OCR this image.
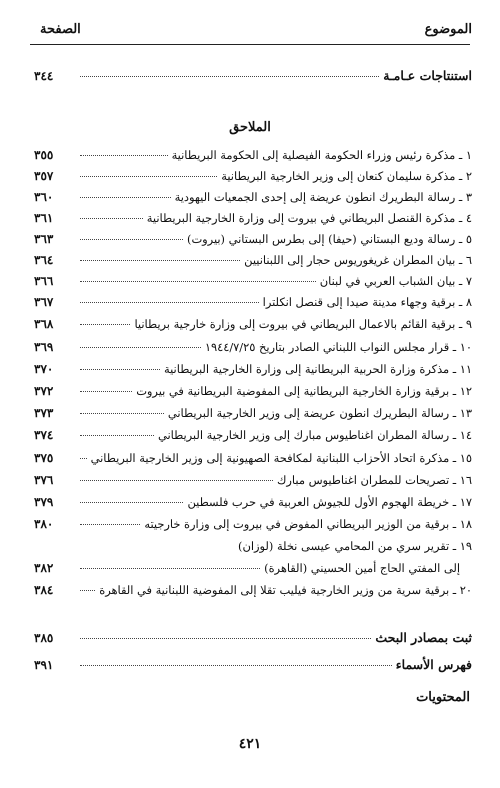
الموضوع
الصفحة
استنتاجات عـامـة
٣٤٤
الملاحق
١ ـ مذكرة رئيس وزراء الحكومة الفيصلية إلى الحكومة البريطانية
٣٥٥
٢ ـ مذكرة سليمان كنعان إلى وزير الخارجية البريطانية
٣٥٧
٣ ـ رسالة البطريرك انطون عريضة إلى إحدى الجمعيات اليهودية
٣٦٠
٤ ـ مذكرة القنصل البريطاني في بيروت إلى وزارة الخارجية البريطانية
٣٦١
٥ ـ رسالة وديع البستاني (حيفا) إلى بطرس البستاني (بيروت)
٣٦٣
٦ ـ بيان المطران غريغوريوس حجار إلى اللبنانيين
٣٦٤
٧ ـ بيان الشباب العربي في لبنان
٣٦٦
٨ ـ برقية وجهاء مدينة صيدا إلى قنصل انكلترا
٣٦٧
٩ ـ برقية القائم بالاعمال البريطاني في بيروت إلى وزارة خارجية بريطانيا
٣٦٨
١٠ ـ قرار مجلس النواب اللبناني الصادر بتاريخ ١٩٤٤/٧/٢٥
٣٦٩
١١ ـ مذكرة وزارة الحربية البريطانية إلى وزارة الخارجية البريطانية
٣٧٠
١٢ ـ برقية وزارة الخارجية البريطانية إلى المفوضية البريطانية في بيروت
٣٧٢
١٣ ـ رسالة البطريرك انطون عريضة إلى وزير الخارجية البريطاني
٣٧٣
١٤ ـ رسالة المطران اغناطيوس مبارك إلى وزير الخارجية البريطاني
٣٧٤
١٥ ـ مذكرة اتحاد الأحزاب اللبنانية لمكافحة الصهيونية إلى وزير الخارجية البريطاني
٣٧٥
١٦ ـ تصريحات للمطران اغناطيوس مبارك
٣٧٦
١٧ ـ خريطة الهجوم الأول للجيوش العربية في حرب فلسطين
٣٧٩
١٨ ـ برقية من الوزير البريطاني المفوض في بيروت إلى وزارة خارجيته
٣٨٠
١٩ ـ تقرير سري من المحامي عيسى نخلة (لوزان)
إلى المفتي الحاج أمين الحسيني (القاهرة)
٣٨٢
٢٠ ـ برقية سرية من وزير الخارجية فيليب تقلا إلى المفوضية اللبنانية في القاهرة
٣٨٤
ثبت بمصادر البحث
٣٨٥
فهرس الأسماء
٣٩١
المحتويات
٤٢١
